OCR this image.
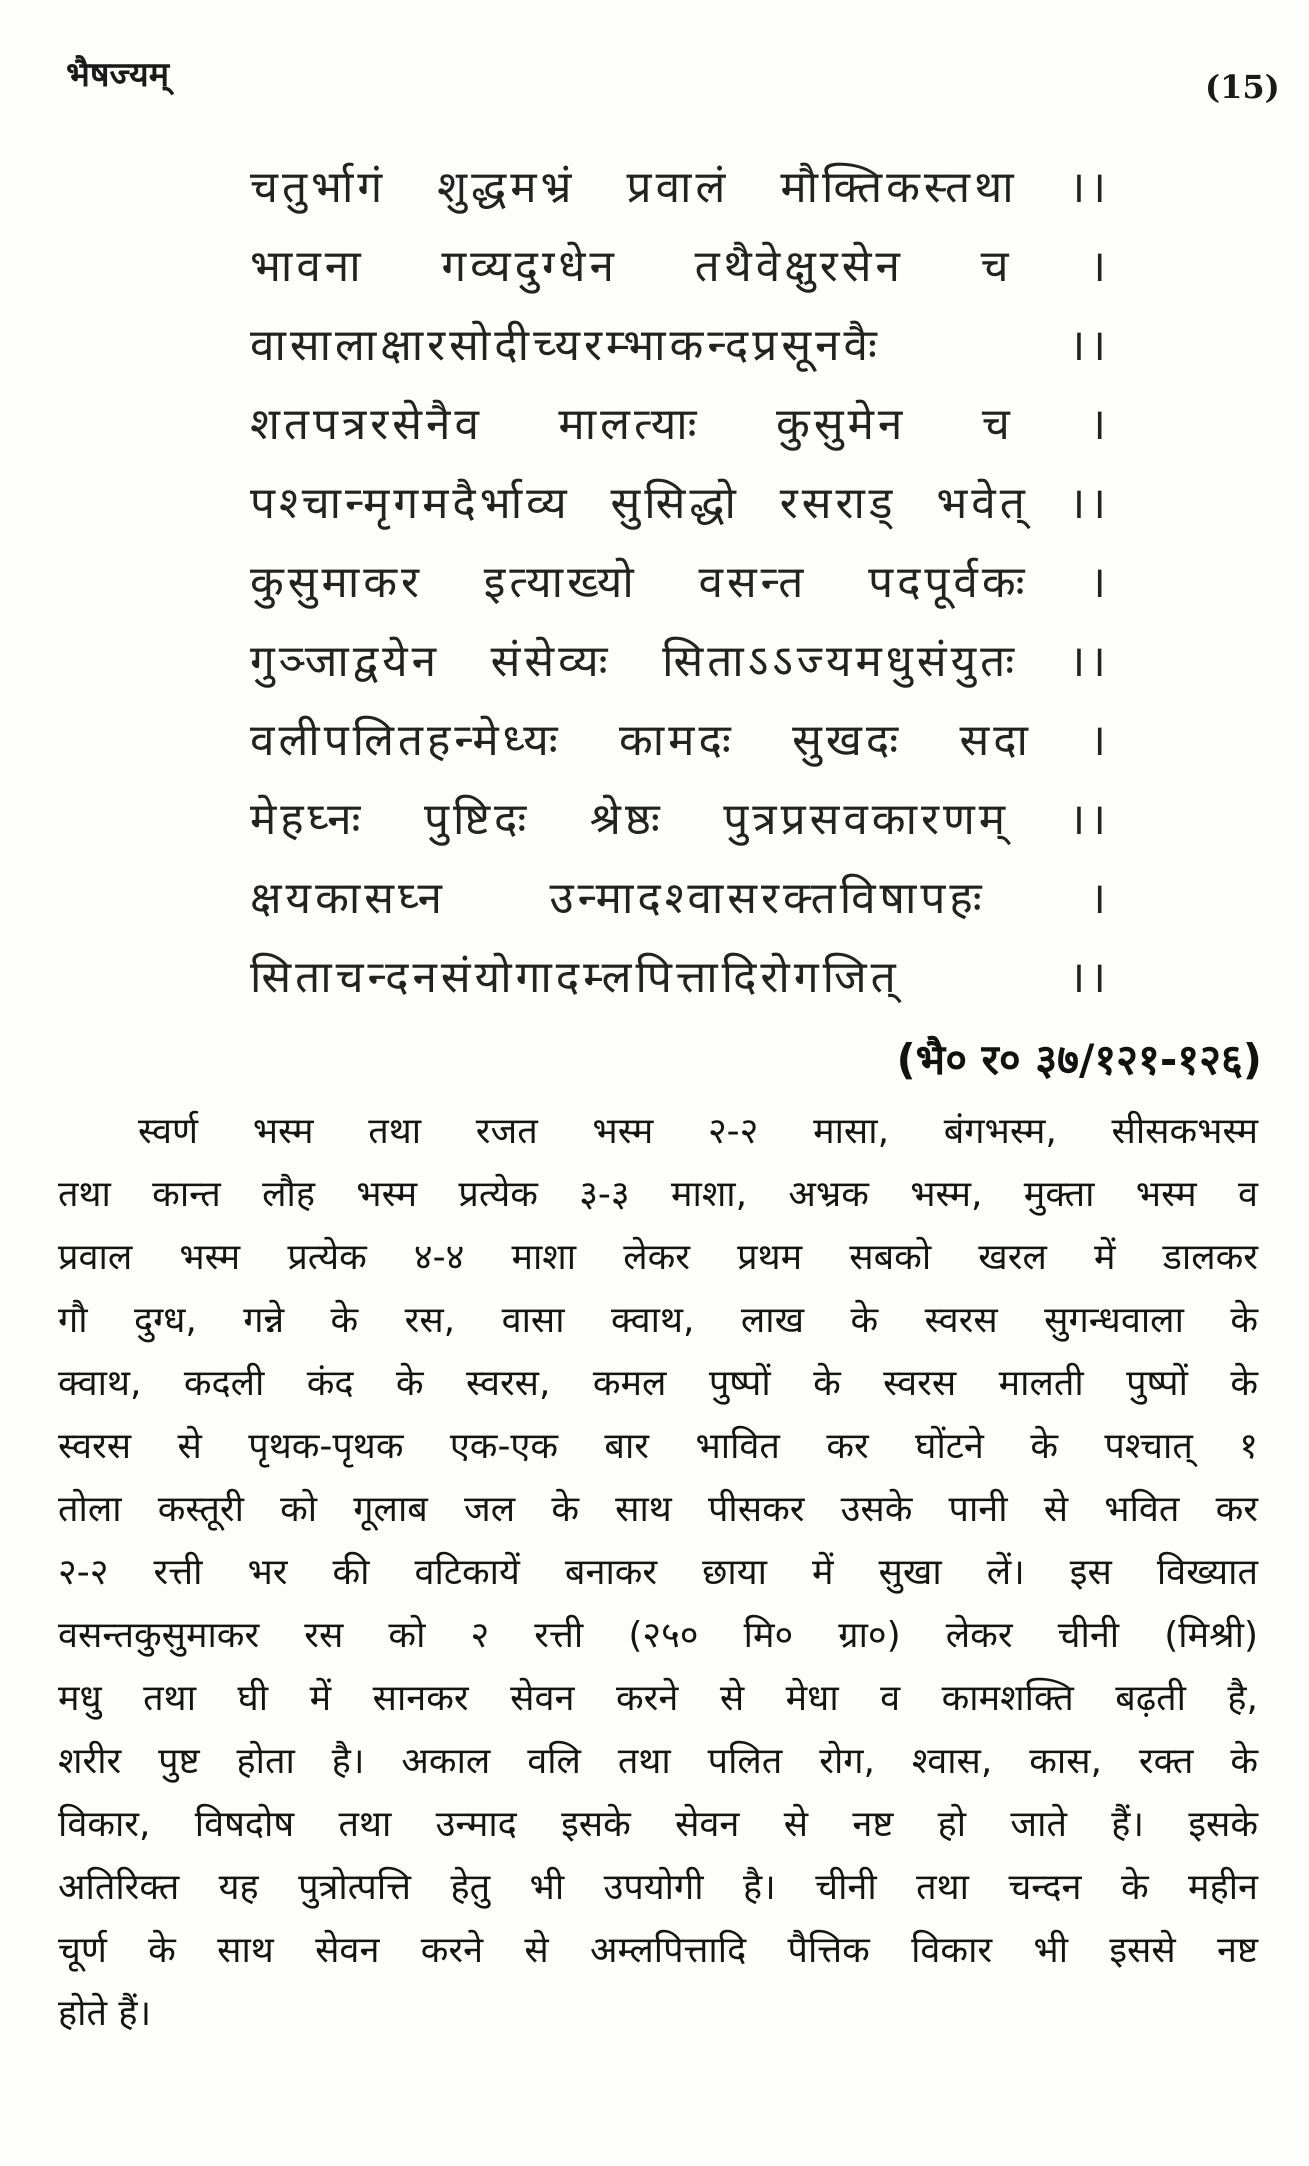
भैषज्यम्	(15)
चतुर्भागं शुद्धमभ्रं प्रवालं मौक्तिकस्तथा ।।
भावना गव्यदुग्धेन तथैवेक्षुरसेन च ।
वासालाक्षारसोदीच्यरम्भाकन्दप्रसूनवैः ।।
शतपत्ररसेनैव मालत्याः कुसुमेन च ।
पश्चान्मृगमदैर्भाव्य सुसिद्धो रसराड् भवेत् ।।
कुसुमाकर इत्याख्यो वसन्त पदपूर्वकः ।
गुञ्जाद्वयेन संसेव्यः सिताऽऽज्यमधुसंयुतः ।।
वलीपलितहन्मेध्यः कामदः सुखदः सदा ।
मेहघ्नः पुष्टिदः श्रेष्ठः पुत्रप्रसवकारणम् ।।
क्षयकासघ्न उन्मादश्वासरक्तविषापहः ।
सिताचन्दनसंयोगादम्लपित्तादिरोगजित् ।।
(भै० र० ३७/१२१-१२६)
स्वर्ण भस्म तथा रजत भस्म २-२ मासा, बंगभस्म, सीसकभस्म
तथा कान्त लौह भस्म प्रत्येक ३-३ माशा, अभ्रक भस्म, मुक्ता भस्म व
प्रवाल भस्म प्रत्येक ४-४ माशा लेकर प्रथम सबको खरल में डालकर
गौ दुग्ध, गन्ने के रस, वासा क्वाथ, लाख के स्वरस सुगन्धवाला के
क्वाथ, कदली कंद के स्वरस, कमल पुष्पों के स्वरस मालती पुष्पों के
स्वरस से पृथक-पृथक एक-एक बार भावित कर घोंटने के पश्चात् १
तोला कस्तूरी को गूलाब जल के साथ पीसकर उसके पानी से भवित कर
२-२ रत्ती भर की वटिकायें बनाकर छाया में सुखा लें। इस विख्यात
वसन्तकुसुमाकर रस को २ रत्ती (२५० मि० ग्रा०) लेकर चीनी (मिश्री)
मधु तथा घी में सानकर सेवन करने से मेधा व कामशक्ति बढ़ती है,
शरीर पुष्ट होता है। अकाल वलि तथा पलित रोग, श्वास, कास, रक्त के
विकार, विषदोष तथा उन्माद इसके सेवन से नष्ट हो जाते हैं। इसके
अतिरिक्त यह पुत्रोत्पत्ति हेतु भी उपयोगी है। चीनी तथा चन्दन के महीन
चूर्ण के साथ सेवन करने से अम्लपित्तादि पैत्तिक विकार भी इससे नष्ट
होते हैं।
